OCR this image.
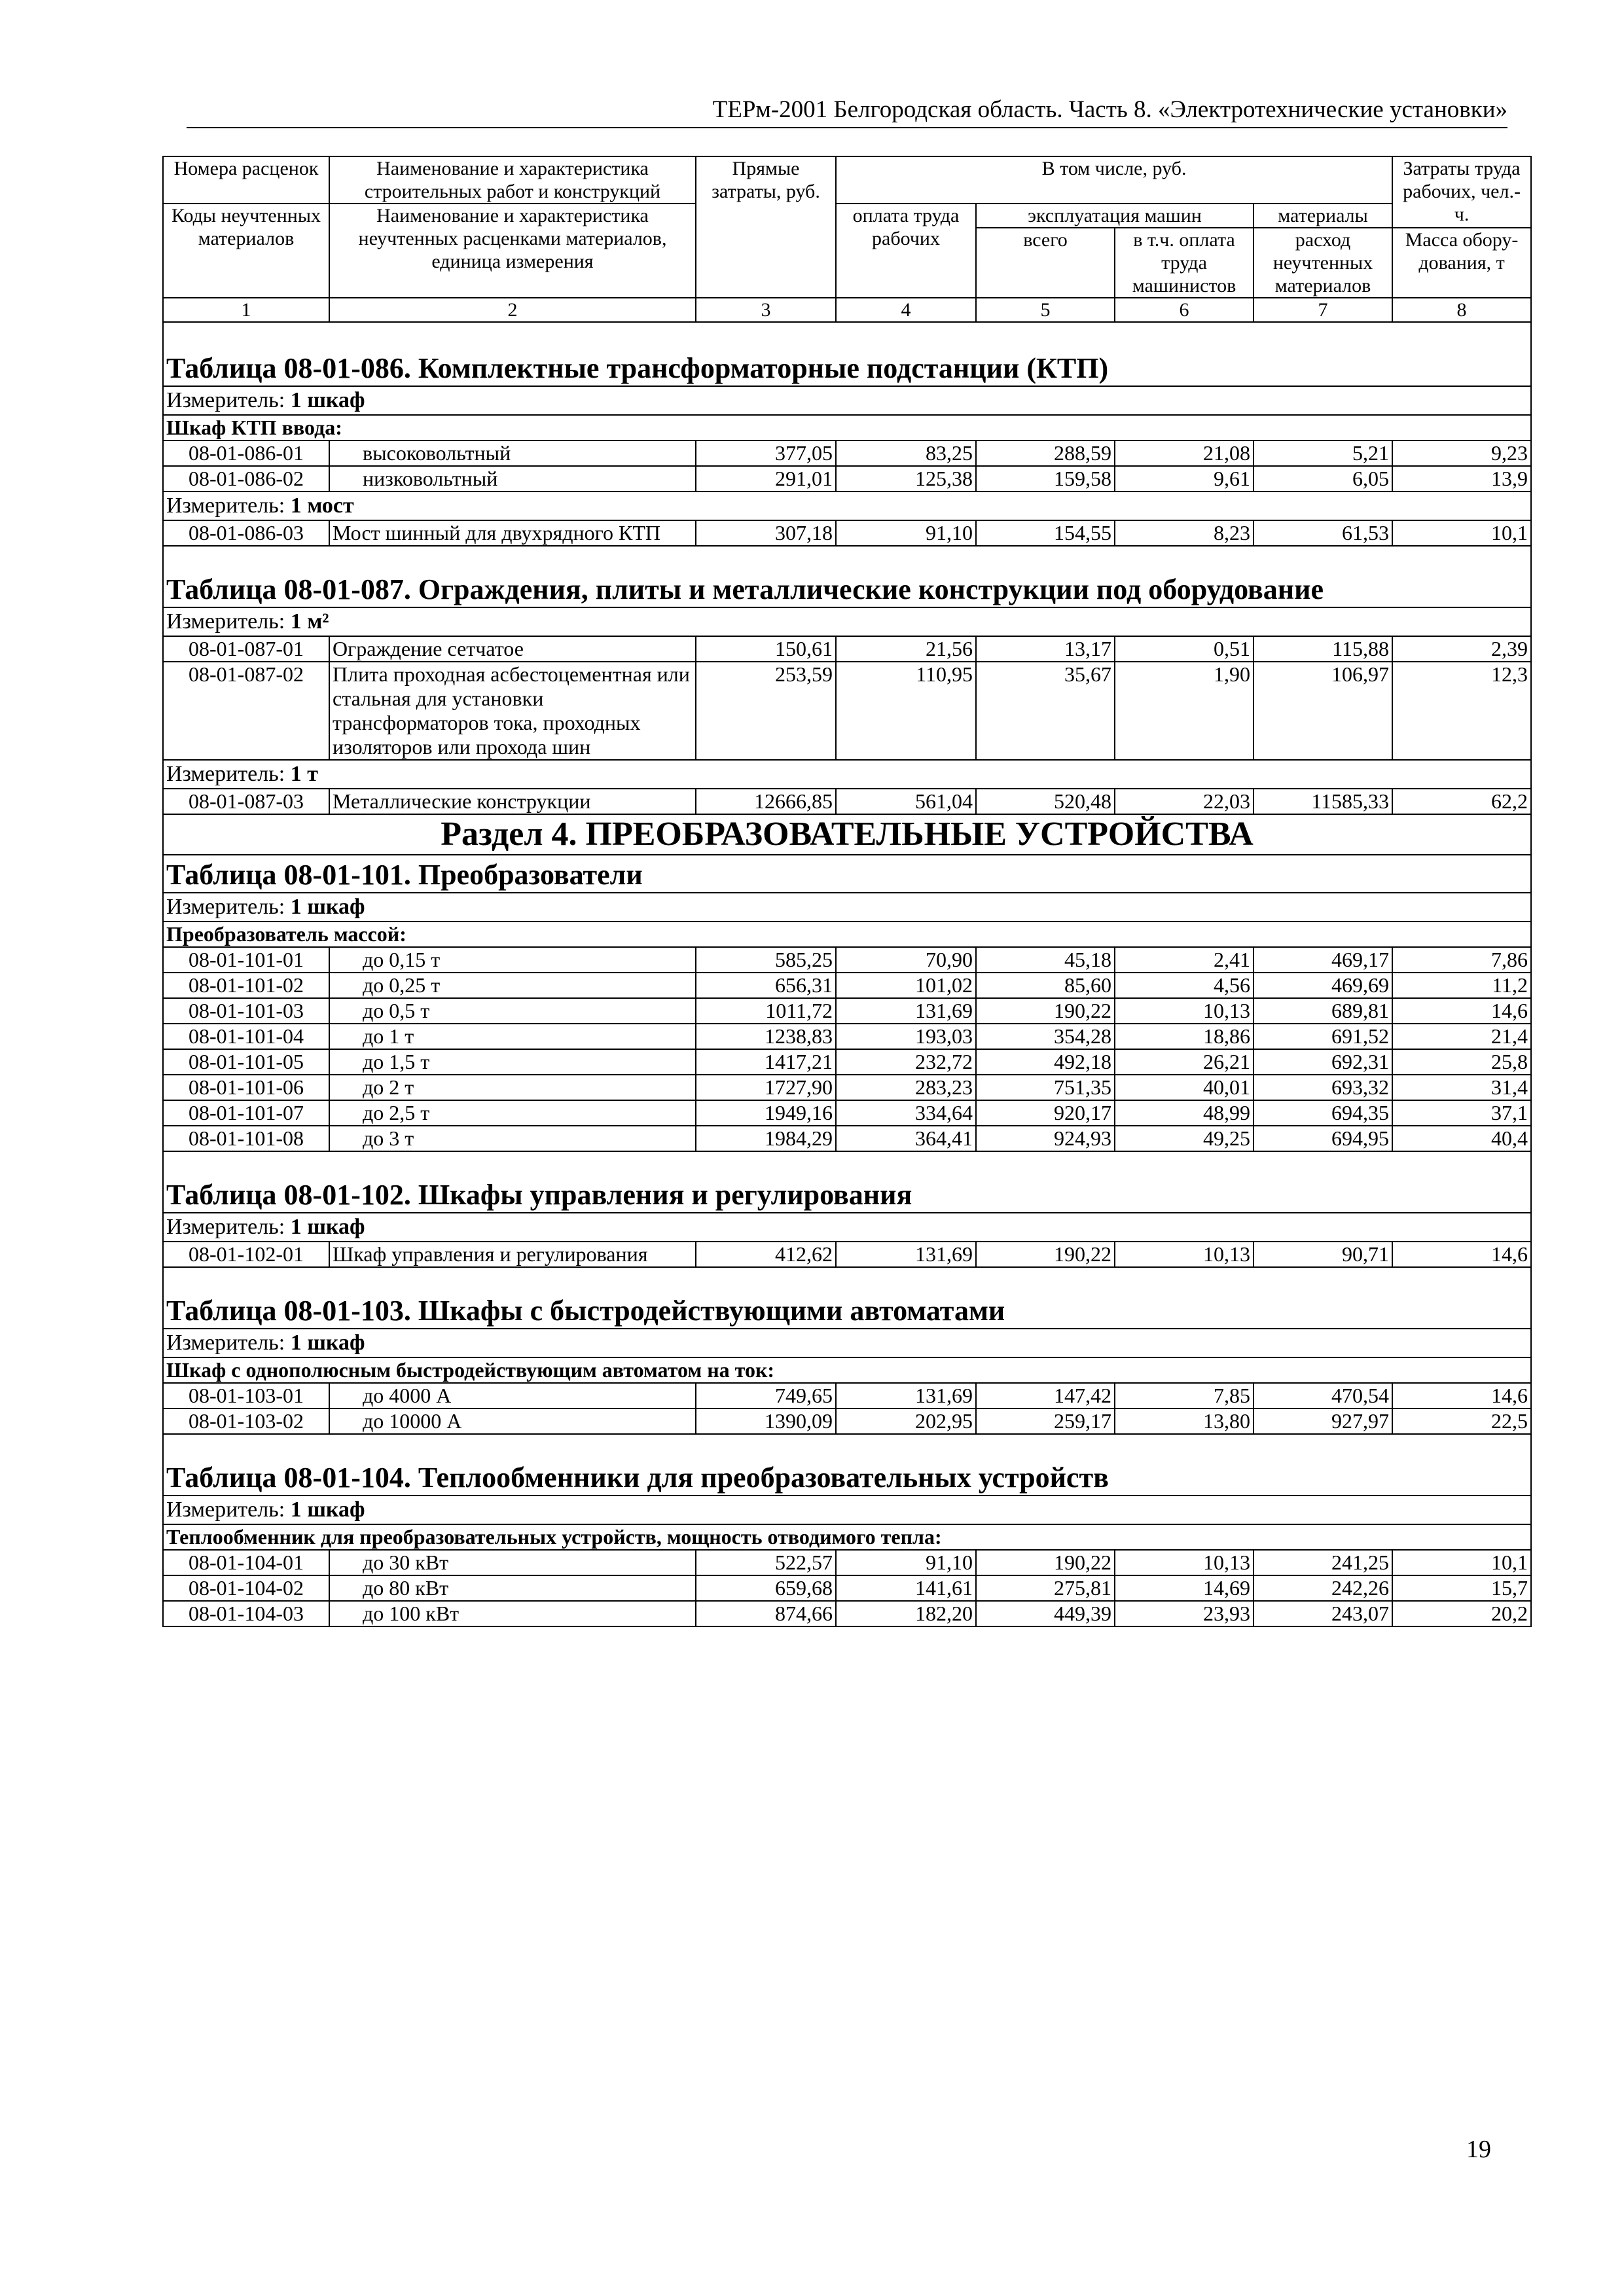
ТЕРм-2001 Белгородская область. Часть 8. «Электротехнические установки»
Номера расценок	Наименование и характеристика строительных работ и конструкций	Прямые затраты, руб.	В том числе, руб.				Затраты труда рабочих, чел.-ч.
Коды неучтенных материалов	Наименование и характеристика неучтенных расценками материалов, единица измерения		оплата труда рабочих	эксплуатация машин		материалы	
				всего	в т.ч. оплата труда машинистов	расход неучтенных материалов	
							Масса обору-дования, т
1	2	3	4	5	6	7	8
Таблица 08-01-086. Комплектные трансформаторные подстанции (КТП)							
Измеритель: 1 шкаф							
Шкаф КТП ввода:							
08-01-086-01	высоковольтный	377,05	83,25	288,59	21,08	5,21	9,23
08-01-086-02	низковольтный	291,01	125,38	159,58	9,61	6,05	13,9
Измеритель: 1 мост							
08-01-086-03	Мост шинный для двухрядного КТП	307,18	91,10	154,55	8,23	61,53	10,1
Таблица 08-01-087. Ограждения, плиты и металлические конструкции под оборудование							
Измеритель: 1 м²							
08-01-087-01	Ограждение сетчатое	150,61	21,56	13,17	0,51	115,88	2,39
08-01-087-02	Плита проходная асбестоцементная или стальная для установки трансформаторов тока, проходных изоляторов или прохода шин	253,59	110,95	35,67	1,90	106,97	12,3
Измеритель: 1 т							
08-01-087-03	Металлические конструкции	12666,85	561,04	520,48	22,03	11585,33	62,2
Раздел 4. ПРЕОБРАЗОВАТЕЛЬНЫЕ УСТРОЙСТВА							
Таблица 08-01-101. Преобразователи							
Измеритель: 1 шкаф							
Преобразователь массой:							
08-01-101-01	до 0,15 т	585,25	70,90	45,18	2,41	469,17	7,86
08-01-101-02	до 0,25 т	656,31	101,02	85,60	4,56	469,69	11,2
08-01-101-03	до 0,5 т	1011,72	131,69	190,22	10,13	689,81	14,6
08-01-101-04	до 1 т	1238,83	193,03	354,28	18,86	691,52	21,4
08-01-101-05	до 1,5 т	1417,21	232,72	492,18	26,21	692,31	25,8
08-01-101-06	до 2 т	1727,90	283,23	751,35	40,01	693,32	31,4
08-01-101-07	до 2,5 т	1949,16	334,64	920,17	48,99	694,35	37,1
08-01-101-08	до 3 т	1984,29	364,41	924,93	49,25	694,95	40,4
Таблица 08-01-102. Шкафы управления и регулирования							
Измеритель: 1 шкаф							
08-01-102-01	Шкаф управления и регулирования	412,62	131,69	190,22	10,13	90,71	14,6
Таблица 08-01-103. Шкафы с быстродействующими автоматами							
Измеритель: 1 шкаф							
Шкаф с однополюсным быстродействующим автоматом на ток:							
08-01-103-01	до 4000 А	749,65	131,69	147,42	7,85	470,54	14,6
08-01-103-02	до 10000 А	1390,09	202,95	259,17	13,80	927,97	22,5
Таблица 08-01-104. Теплообменники для преобразовательных устройств							
Измеритель: 1 шкаф							
Теплообменник для преобразовательных устройств, мощность отводимого тепла:							
08-01-104-01	до 30 кВт	522,57	91,10	190,22	10,13	241,25	10,1
08-01-104-02	до 80 кВт	659,68	141,61	275,81	14,69	242,26	15,7
08-01-104-03	до 100 кВт	874,66	182,20	449,39	23,93	243,07	20,2
19
